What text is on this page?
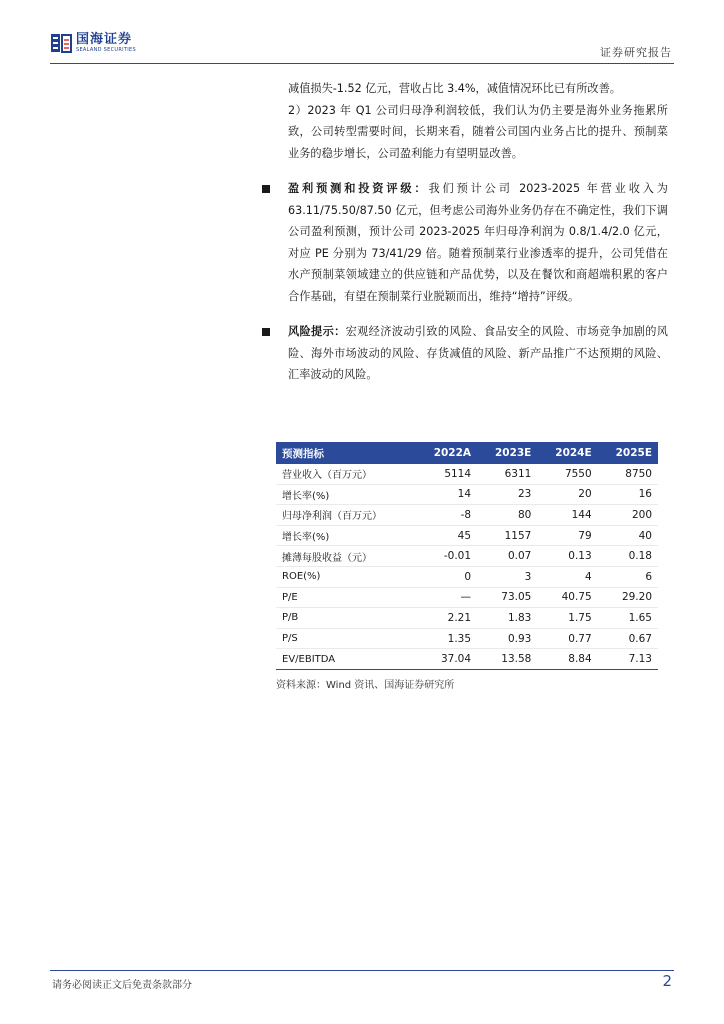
国海证券
SEALAND SECURITIES	证券研究报告

减值损失-1.52 亿元，营收占比 3.4%，减值情况环比已有所改善。

2）2023 年 Q1 公司归母净利润较低，我们认为仍主要是海外业务拖累所致，公司转型需要时间，长期来看，随着公司国内业务占比的提升、预制菜业务的稳步增长，公司盈利能力有望明显改善。

盈利预测和投资评级：我们预计公司 2023-2025 年营业收入为 63.11/75.50/87.50 亿元，但考虑公司海外业务仍存在不确定性，我们下调公司盈利预测，预计公司 2023-2025 年归母净利润为 0.8/1.4/2.0 亿元，对应 PE 分别为 73/41/29 倍。随着预制菜行业渗透率的提升，公司凭借在水产预制菜领域建立的供应链和产品优势，以及在餐饮和商超端积累的客户合作基础，有望在预制菜行业脱颖而出，维持“增持”评级。

风险提示：宏观经济波动引致的风险、食品安全的风险、市场竞争加剧的风险、海外市场波动的风险、存货减值的风险、新产品推广不达预期的风险、汇率波动的风险。

预测指标	2022A	2023E	2024E	2025E
营业收入（百万元）	5114	6311	7550	8750
增长率(%)	14	23	20	16
归母净利润（百万元）	-8	80	144	200
增长率(%)	45	1157	79	40
摊薄每股收益（元）	-0.01	0.07	0.13	0.18
ROE(%)	0	3	4	6
P/E	—	73.05	40.75	29.20
P/B	2.21	1.83	1.75	1.65
P/S	1.35	0.93	0.77	0.67
EV/EBITDA	37.04	13.58	8.84	7.13
资料来源：Wind 资讯、国海证券研究所
请务必阅读正文后免责条款部分	2
